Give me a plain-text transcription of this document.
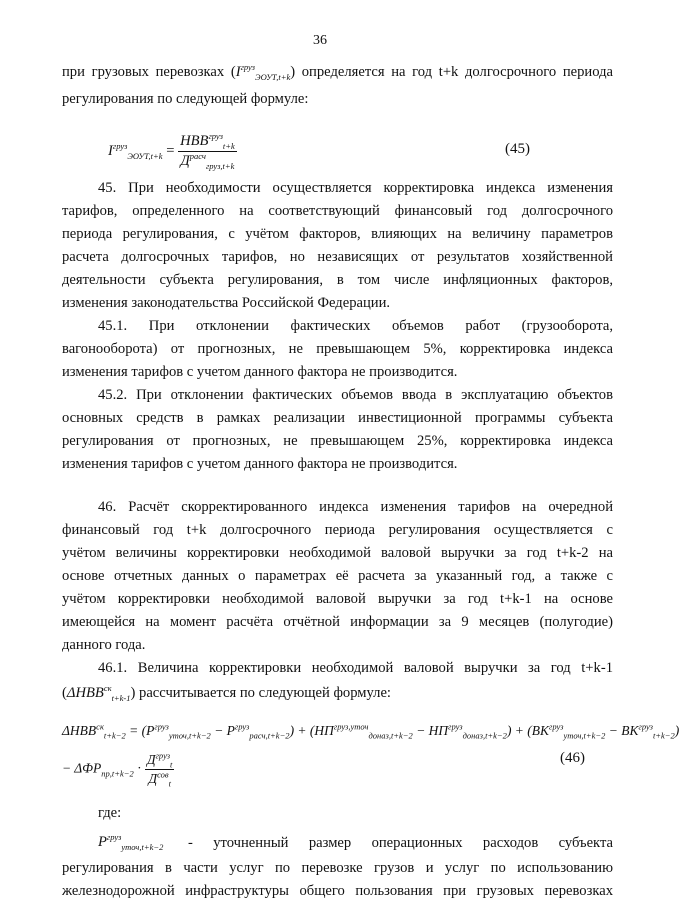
36
при грузовых перевозках $(I^{груз}_{ЭОУТ,t+k})$ определяется на год t+k долгосрочного периода
регулирования по следующей формуле:
$I^{груз}_{ЭОУТ,t+k} = \frac{НВВ^{груз}_{t+k}}{Д^{расч}_{груз,t+k}}$	(45)
45. При необходимости осуществляется корректировка индекса изменения
тарифов, определенного на соответствующий финансовый год долгосрочного
периода регулирования, с учётом факторов, влияющих на величину параметров
расчета долгосрочных тарифов, но независящих от результатов хозяйственной
деятельности субъекта регулирования, в том числе инфляционных факторов,
изменения законодательства Российской Федерации.
45.1. При отклонении фактических объемов работ (грузооборота,
вагонооборота) от прогнозных, не превышающем 5%, корректировка индекса
изменения тарифов с учетом данного фактора не производится.
45.2. При отклонении фактических объемов ввода в эксплуатацию объектов
основных средств в рамках реализации инвестиционной программы субъекта
регулирования от прогнозных, не превышающем 25%, корректировка индекса
изменения тарифов с учетом данного фактора не производится.
46. Расчёт скорректированного индекса изменения тарифов на очередной
финансовый год t+k долгосрочного периода регулирования осуществляется с
учётом величины корректировки необходимой валовой выручки за год t+k-2 на
основе отчетных данных о параметрах её расчета за указанный год, а также с
учётом корректировки необходимой валовой выручки за год t+k-1 на основе
имеющейся на момент расчёта отчётной информации за 9 месяцев (полугодие)
данного года.
46.1. Величина корректировки необходимой валовой выручки за год t+k-1
$(\Delta НВВ^{ск}_{t+k-1})$ рассчитывается по следующей формуле:
$\Delta НВВ^{ск}_{t+k-2} = (P^{груз}_{уточ,t+k-2} - P^{груз}_{расч,t+k-2}) + (НП^{груз,уточ}_{доназ,t+k-2} - НП^{груз}_{доназ,t+k-2}) + (ВК^{груз}_{уточ,t+k-2} - ВК^{груз}_{t+k-2})$
− $\Delta ФР_{пр,t+k-2} \cdot \frac{Д^{груз}_t}{Д^{сов}_t}$	(46)
где:
$P^{груз}_{уточ,t+k-2}$ - уточненный размер операционных расходов субъекта
регулирования в части услуг по перевозке грузов и услуг по использованию
железнодорожной инфраструктуры общего пользования при грузовых перевозках
